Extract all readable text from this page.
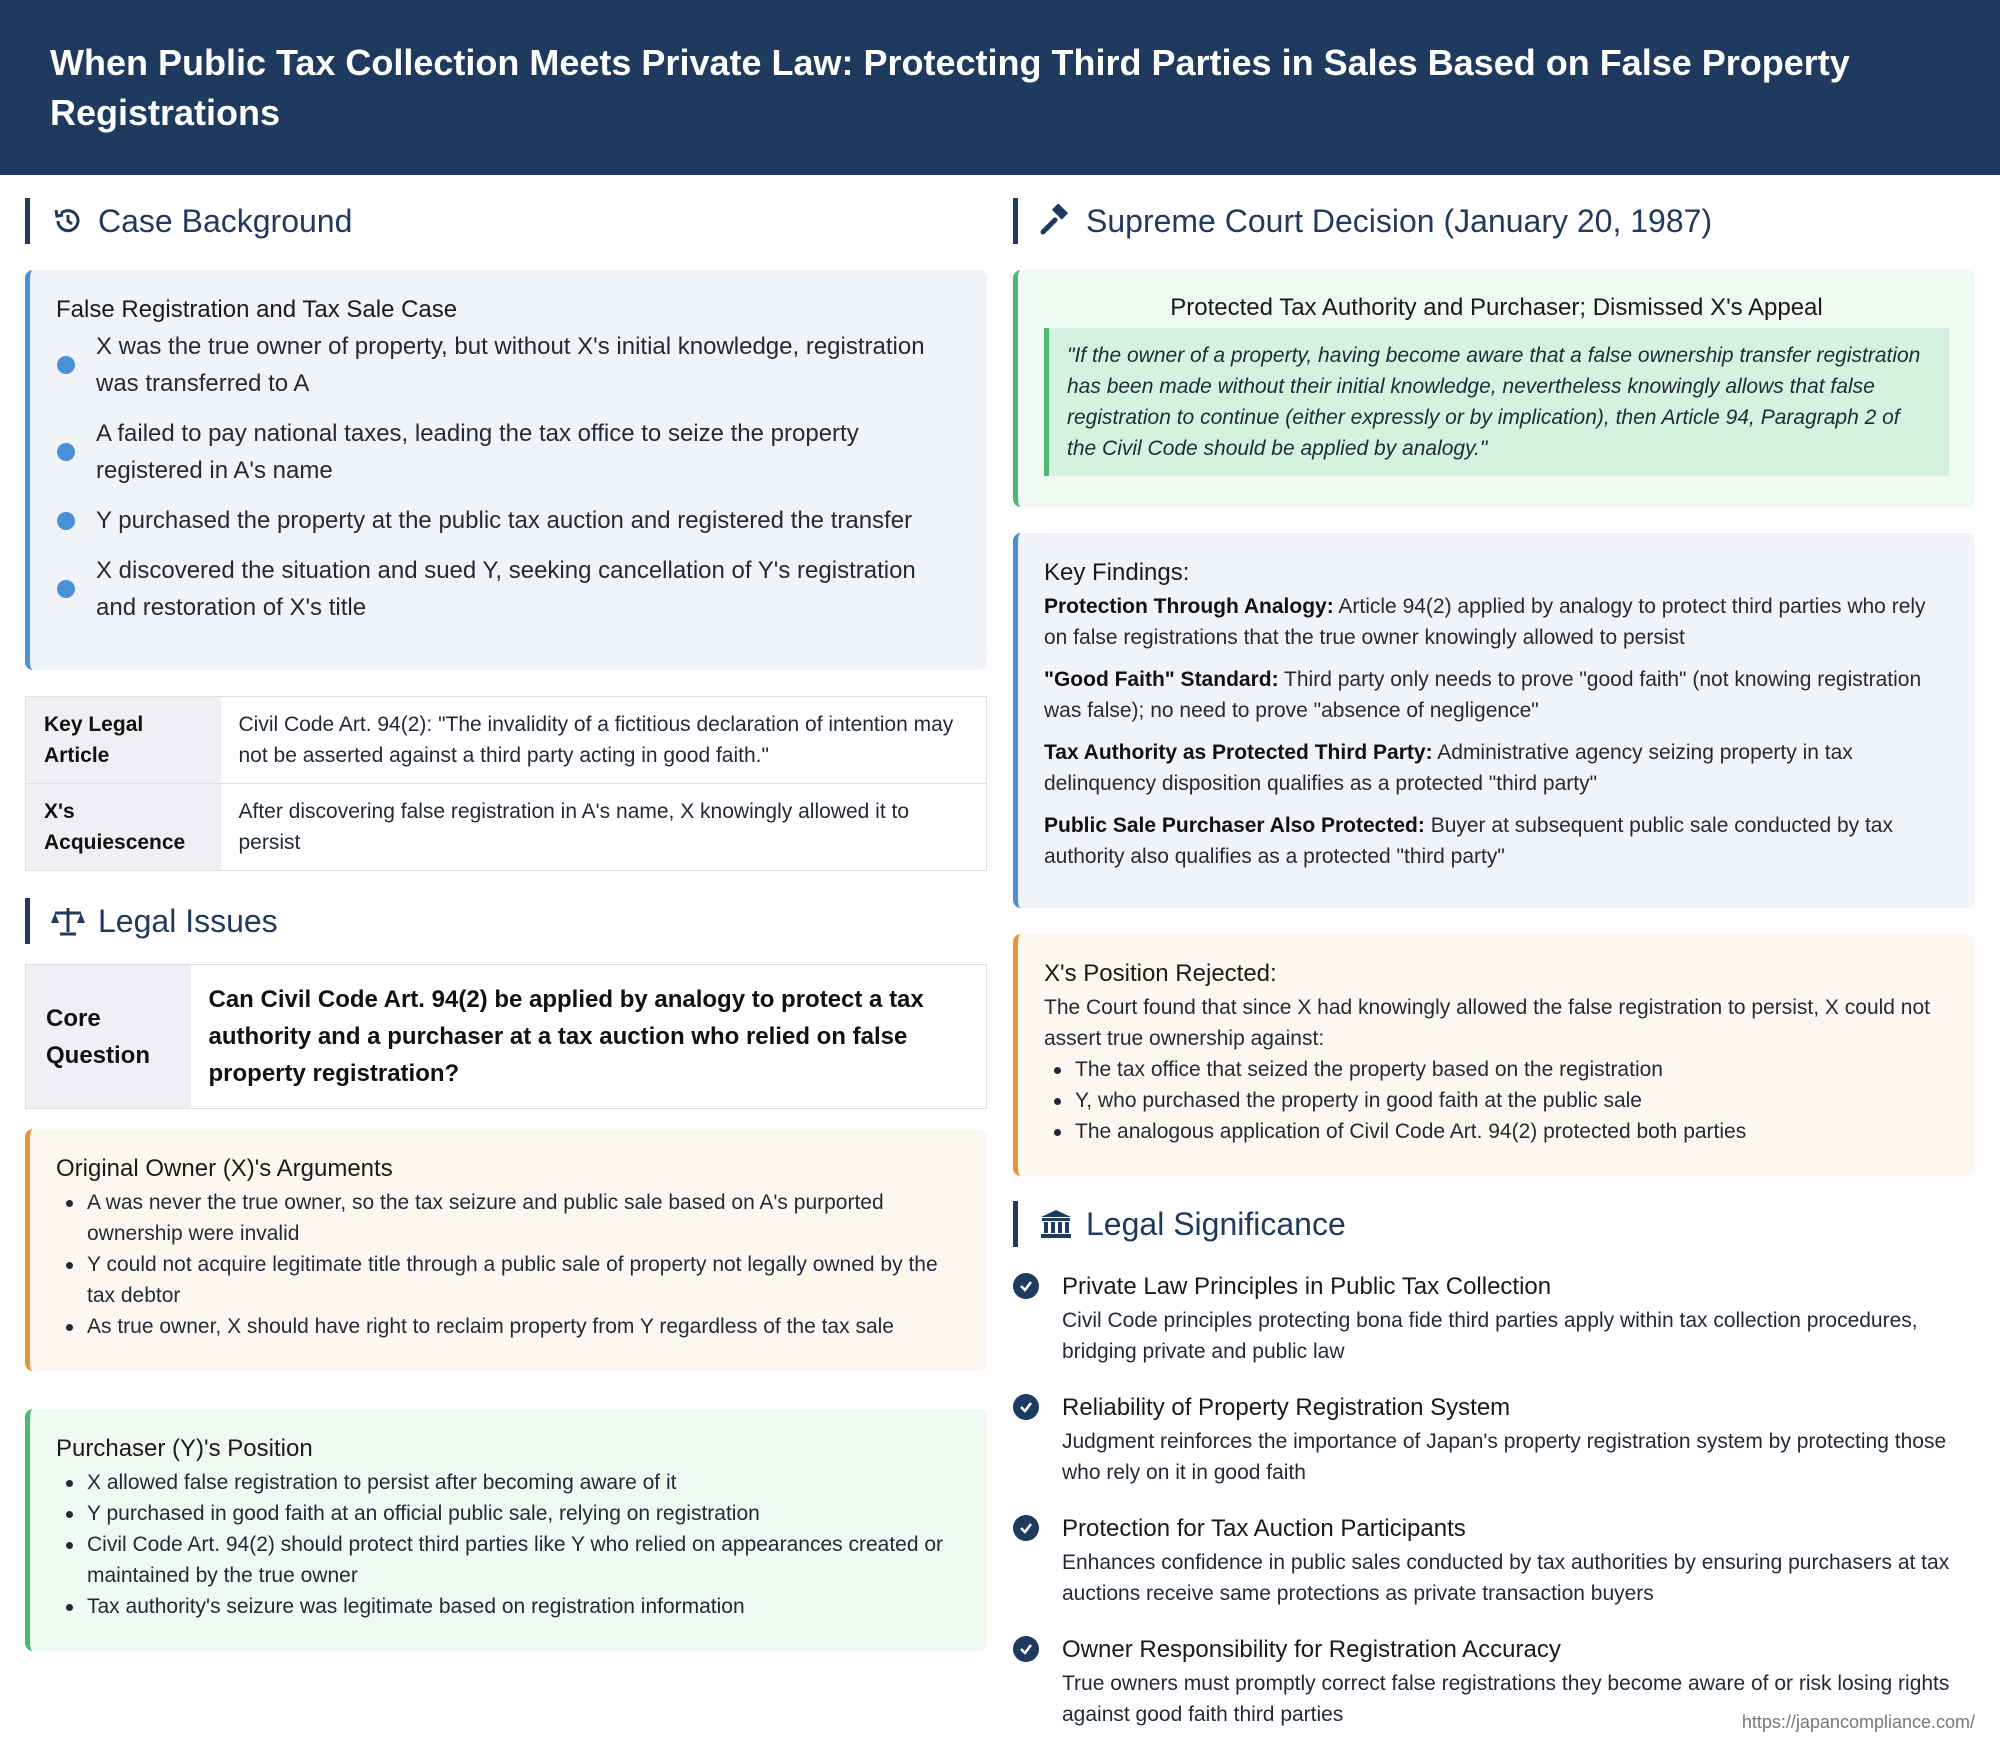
When Public Tax Collection Meets Private Law: Protecting Third Parties in Sales Based on False Property Registrations
Case Background
False Registration and Tax Sale Case
X was the true owner of property, but without X's initial knowledge, registration was transferred to A
A failed to pay national taxes, leading the tax office to seize the property registered in A's name
Y purchased the property at the public tax auction and registered the transfer
X discovered the situation and sued Y, seeking cancellation of Y's registration and restoration of X's title
Key Legal Article	Civil Code Art. 94(2): "The invalidity of a fictitious declaration of intention may not be asserted against a third party acting in good faith."
X's Acquiescence	After discovering false registration in A's name, X knowingly allowed it to persist
Legal Issues
Core Question	Can Civil Code Art. 94(2) be applied by analogy to protect a tax authority and a purchaser at a tax auction who relied on false property registration?
Original Owner (X)'s Arguments
A was never the true owner, so the tax seizure and public sale based on A's purported ownership were invalid
Y could not acquire legitimate title through a public sale of property not legally owned by the tax debtor
As true owner, X should have right to reclaim property from Y regardless of the tax sale
Purchaser (Y)'s Position
X allowed false registration to persist after becoming aware of it
Y purchased in good faith at an official public sale, relying on registration
Civil Code Art. 94(2) should protect third parties like Y who relied on appearances created or maintained by the true owner
Tax authority's seizure was legitimate based on registration information
Supreme Court Decision (January 20, 1987)
Protected Tax Authority and Purchaser; Dismissed X's Appeal
"If the owner of a property, having become aware that a false ownership transfer registration has been made without their initial knowledge, nevertheless knowingly allows that false registration to continue (either expressly or by implication), then Article 94, Paragraph 2 of the Civil Code should be applied by analogy."
Key Findings:
Protection Through Analogy: Article 94(2) applied by analogy to protect third parties who rely on false registrations that the true owner knowingly allowed to persist
"Good Faith" Standard: Third party only needs to prove "good faith" (not knowing registration was false); no need to prove "absence of negligence"
Tax Authority as Protected Third Party: Administrative agency seizing property in tax delinquency disposition qualifies as a protected "third party"
Public Sale Purchaser Also Protected: Buyer at subsequent public sale conducted by tax authority also qualifies as a protected "third party"
X's Position Rejected:
The Court found that since X had knowingly allowed the false registration to persist, X could not assert true ownership against:
The tax office that seized the property based on the registration
Y, who purchased the property in good faith at the public sale
The analogous application of Civil Code Art. 94(2) protected both parties
Legal Significance
Private Law Principles in Public Tax Collection
Civil Code principles protecting bona fide third parties apply within tax collection procedures, bridging private and public law
Reliability of Property Registration System
Judgment reinforces the importance of Japan's property registration system by protecting those who rely on it in good faith
Protection for Tax Auction Participants
Enhances confidence in public sales conducted by tax authorities by ensuring purchasers at tax auctions receive same protections as private transaction buyers
Owner Responsibility for Registration Accuracy
True owners must promptly correct false registrations they become aware of or risk losing rights against good faith third parties	https://japancompliance.com/
